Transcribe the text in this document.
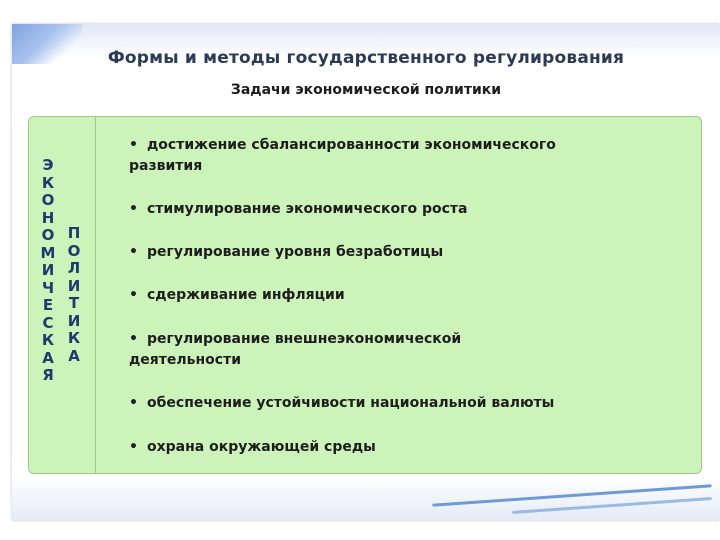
Формы и методы государственного регулирования
Задачи экономической политики
Э
К
О
Н
О
М
И
Ч
Е
С
К
А
Я
П
О
Л
И
Т
И
К
А
• достижение сбалансированности экономического
развития
• стимулирование экономического роста
• регулирование уровня безработицы
• сдерживание инфляции
• регулирование внешнеэкономической
деятельности
• обеспечение устойчивости национальной валюты
• охрана окружающей среды
